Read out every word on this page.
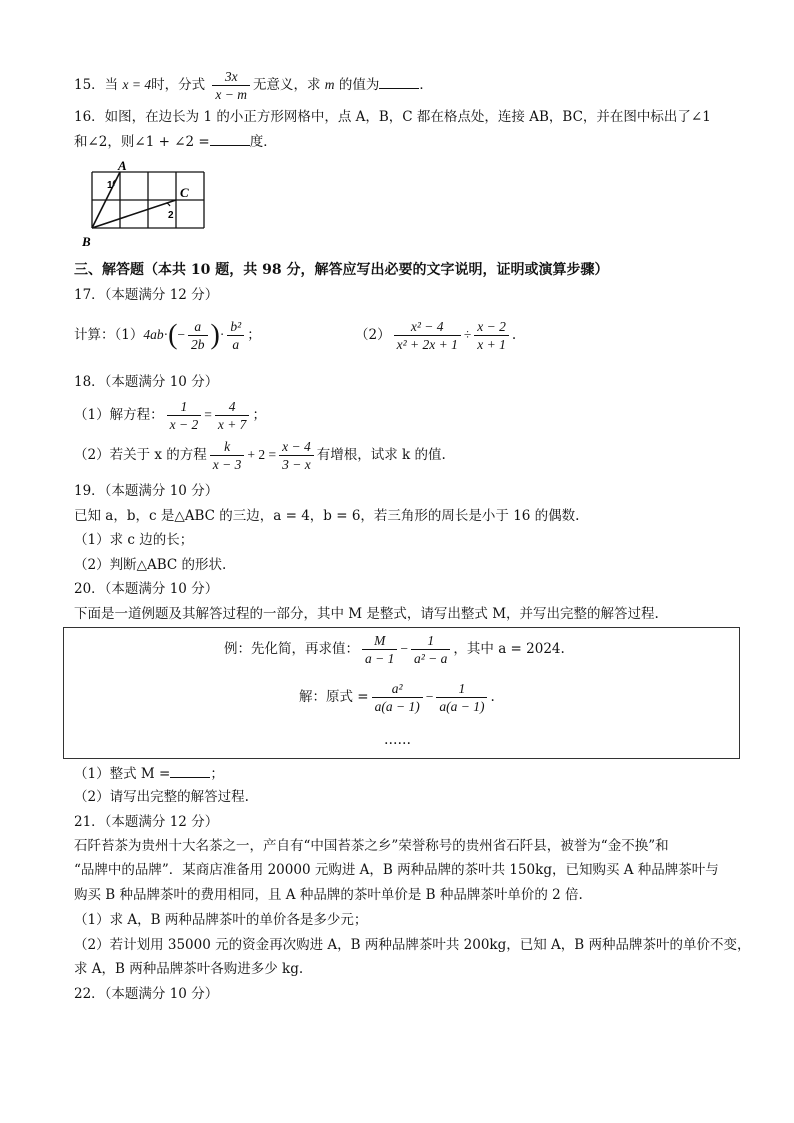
15．当 x = 4时，分式 $\frac{3x}{x - m}$ 无意义，求 m 的值为	．
16．如图，在边长为 1 的小正方形网格中，点 A，B，C 都在格点处，连接 AB，BC，并在图中标出了∠1
和∠2，则∠1 + ∠2 =	度．
A
B
C
1
2
三、解答题（本共 10 题，共 98 分，解答应写出必要的文字说明，证明或演算步骤）
17．（本题满分 12 分）
计算：$(1)4ab\cdot(- \frac{a}{2b}$ )· $\frac{\text{b²}}{a}$ ；	$(2) \frac{\text{x² − 4}}{\text{x² + 2x + 1}} \div \frac{x - 2}{x + 1}$ .
18．（本题满分 10 分）
（1）解方程： $\frac{1}{x - 2} = \frac{4}{x + 7}$ ；
（2）若关于 x 的方程 $\frac{k}{x - 3} + 2 = \frac{x - 4}{3 - x}$ 有增根，试求 k 的值.
19．（本题满分 10 分）
已知 a，b，c 是△ABC 的三边，a = 4，b = 6，若三角形的周长是小于 16 的偶数.
（1）求 c 边的长；
（2）判断△ABC 的形状.
20．（本题满分 10 分）
下面是一道例题及其解答过程的一部分，其中 M 是整式，请写出整式 M，并写出完整的解答过程.
例：先化简，再求值： $\frac{M}{a - 1} - \frac{1}{\text{a² − a}}$ ，其中 a = 2024.
解：原式 = $\frac{\text{a²}}{a(a - 1)} - \frac{1}{a(a - 1)}$ .
……
（1）整式 M =	；
（2）请写出完整的解答过程.
21．（本题满分 12 分）
石阡苔茶为贵州十大名茶之一，产自有“中国苔茶之乡”荣誉称号的贵州省石阡县，被誉为“金不换”和
“品牌中的品牌”．某商店准备用 20000 元购进 A，B 两种品牌的茶叶共 150kg，已知购买 A 种品牌茶叶与
购买 B 种品牌茶叶的费用相同，且 A 种品牌的茶叶单价是 B 种品牌茶叶单价的 2 倍.
（1）求 A，B 两种品牌茶叶的单价各是多少元；
（2）若计划用 35000 元的资金再次购进 A，B 两种品牌茶叶共 200kg，已知 A，B 两种品牌茶叶的单价不变，
求 A，B 两种品牌茶叶各购进多少 kg.
22．（本题满分 10 分）
